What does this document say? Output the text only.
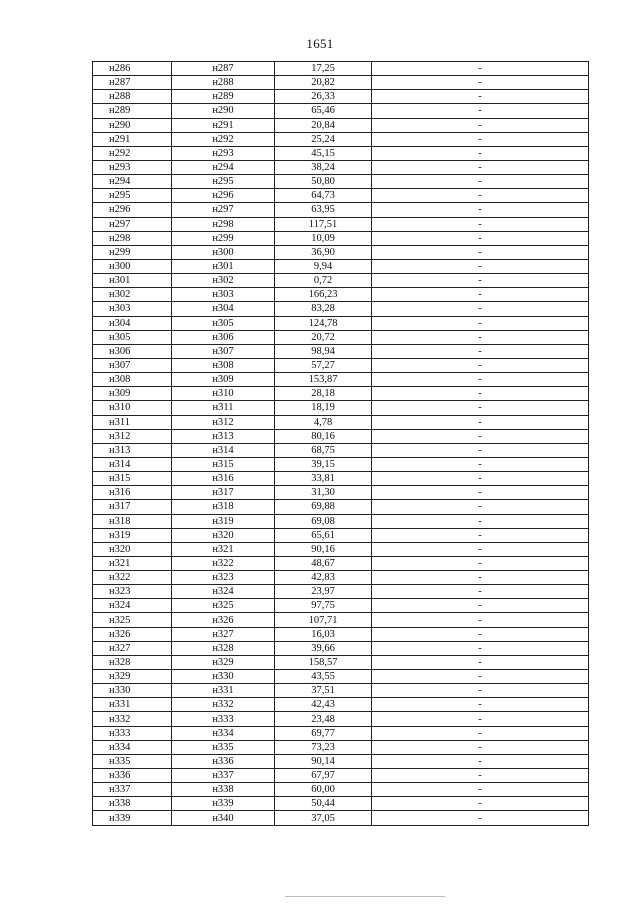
1651
н286	н287	17,25	-
н287	н288	20,82	-
н288	н289	26,33	-
н289	н290	65,46	-
н290	н291	20,84	-
н291	н292	25,24	-
н292	н293	45,15	-
н293	н294	38,24	-
н294	н295	50,80	-
н295	н296	64,73	-
н296	н297	63,95	-
н297	н298	117,51	-
н298	н299	10,09	-
н299	н300	36,90	-
н300	н301	9,94	-
н301	н302	0,72	-
н302	н303	166,23	-
н303	н304	83,28	-
н304	н305	124,78	-
н305	н306	20,72	-
н306	н307	98,94	-
н307	н308	57,27	-
н308	н309	153,87	-
н309	н310	28,18	-
н310	н311	18,19	-
н311	н312	4,78	-
н312	н313	80,16	-
н313	н314	68,75	-
н314	н315	39,15	-
н315	н316	33,81	-
н316	н317	31,30	-
н317	н318	69,88	-
н318	н319	69,08	-
н319	н320	65,61	-
н320	н321	90,16	-
н321	н322	48,67	-
н322	н323	42,83	-
н323	н324	23,97	-
н324	н325	97,75	-
н325	н326	107,71	-
н326	н327	16,03	-
н327	н328	39,66	-
н328	н329	158,57	-
н329	н330	43,55	-
н330	н331	37,51	-
н331	н332	42,43	-
н332	н333	23,48	-
н333	н334	69,77	-
н334	н335	73,23	-
н335	н336	90,14	-
н336	н337	67,97	-
н337	н338	60,00	-
н338	н339	50,44	-
н339	н340	37,05	-
